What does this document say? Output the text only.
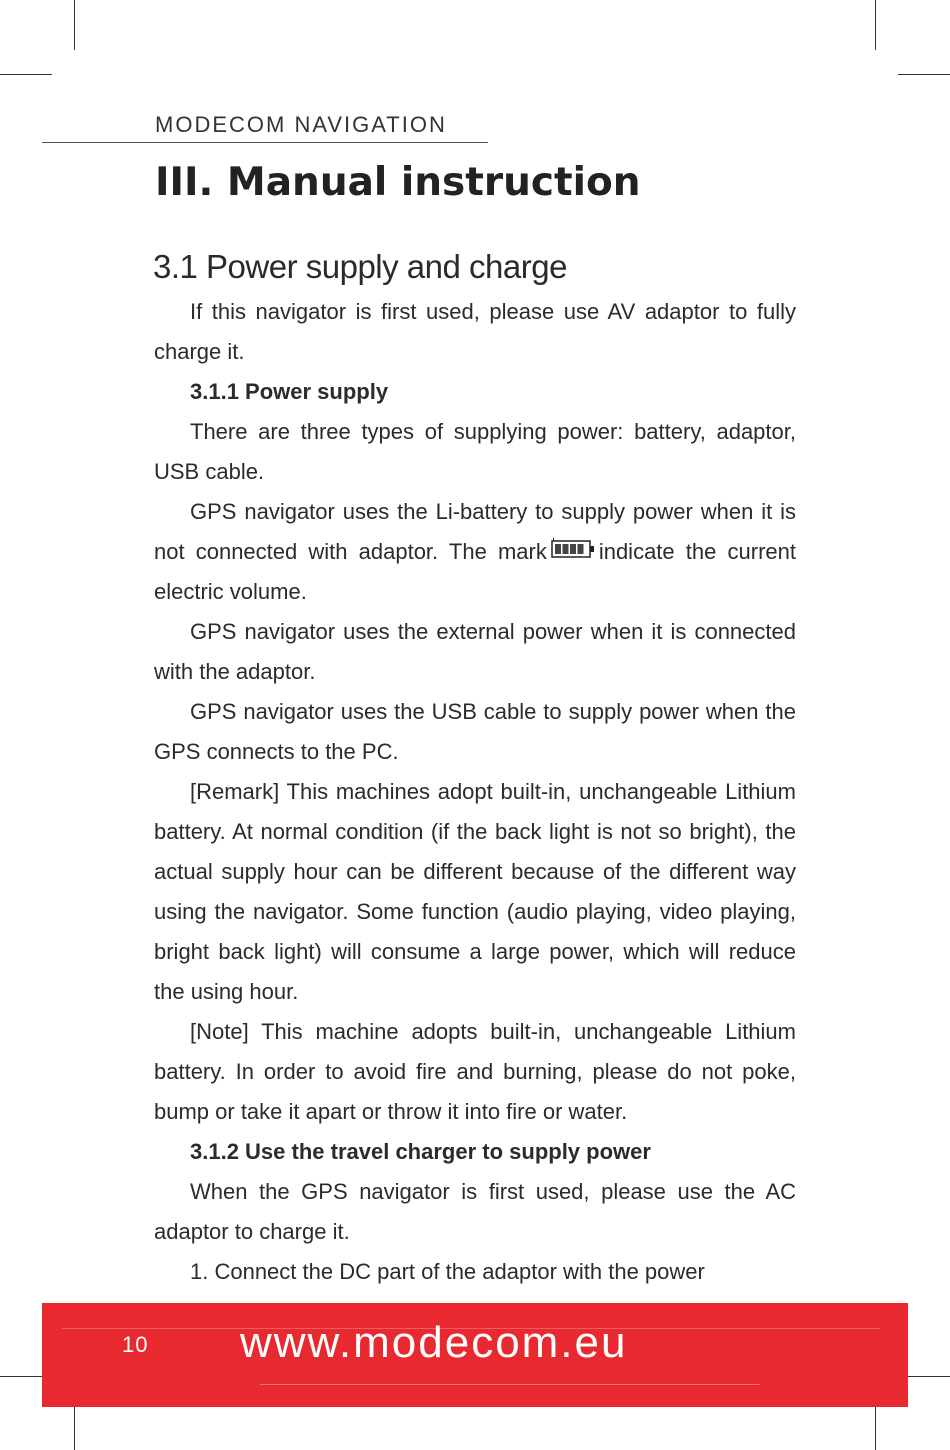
MODECOM NAVIGATION
III. Manual instruction
3.1 Power supply and charge

If this navigator is first used, please use AV adaptor to fully charge it.

3.1.1 Power supply

There are three types of supplying power: battery, adaptor, USB cable.

GPS navigator uses the Li-battery to supply power when it is not connected with adaptor. The mark indicate the current electric volume.

GPS navigator uses the external power when it is connected with the adaptor.

GPS navigator uses the USB cable to supply power when the GPS connects to the PC.

[Remark] This machines adopt built-in, unchangeable Lithium battery. At normal condition (if the back light is not so bright), the actual supply hour can be different because of the different way using the navigator. Some function (audio playing, video playing, bright back light) will consume a large power, which will reduce the using hour.

[Note] This machine adopts built-in, unchangeable Lithium battery. In order to avoid fire and burning, please do not poke, bump or take it apart or throw it into fire or water.

3.1.2 Use the travel charger to supply power

When the GPS navigator is first used, please use the AC adaptor to charge it.

1. Connect the DC part of the adaptor with the power

10 www.modecom.eu
